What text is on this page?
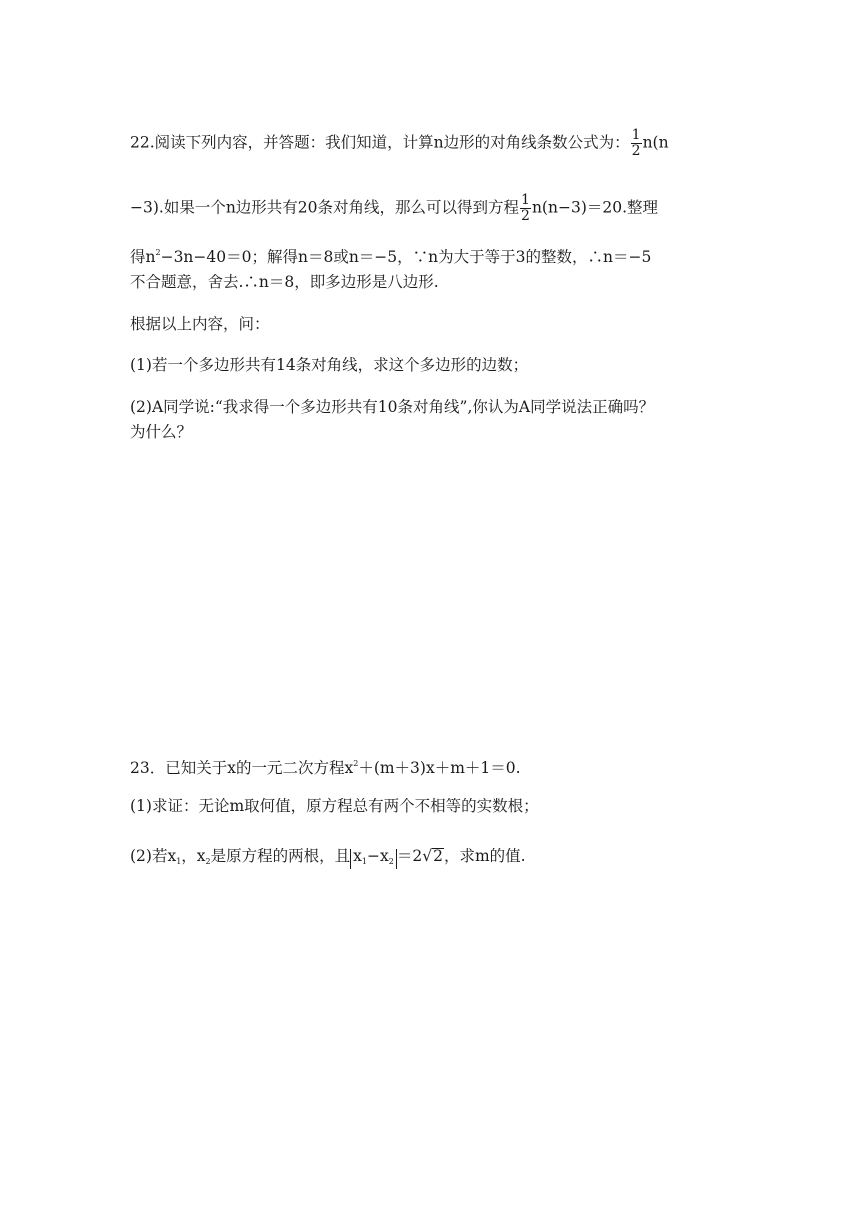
22.阅读下列内容，并答题：我们知道，计算n边形的对角线条数公式为： $\frac{1}{2} n(n$
−3).如果一个n边形共有20条对角线，那么可以得到方程 $\frac{1}{2} n(n-3)=20$.整理
得$n^2-3n-40=0$；解得n＝8或n＝−5，∵n为大于等于3的整数，∴n＝−5
不合题意，舍去.∴n＝8，即多边形是八边形.
根据以上内容，问：
(1)若一个多边形共有14条对角线，求这个多边形的边数；
(2)A同学说:“我求得一个多边形共有10条对角线”,你认为A同学说法正确吗？
为什么？
23．已知关于x的一元二次方程$x^2+(m+3)x+m+1=0$.
(1)求证：无论m取何值，原方程总有两个不相等的实数根；
(2)若$x_1$，$x_2$是原方程的两根，且 $x_1-x_2 =2√2$，求m的值.
